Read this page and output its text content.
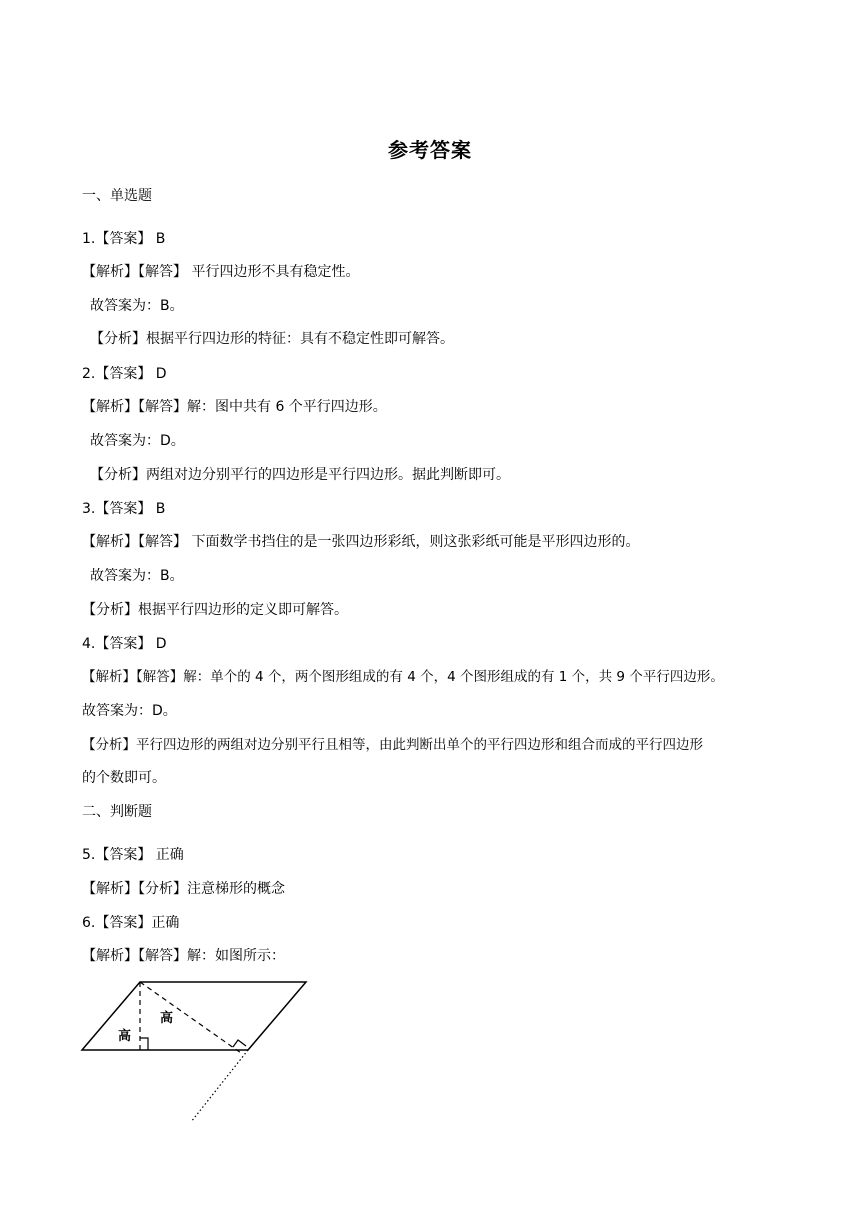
参考答案
一、单选题
1.【答案】 B
【解析】【解答】 平行四边形不具有稳定性。
故答案为：B。
【分析】根据平行四边形的特征：具有不稳定性即可解答。
2.【答案】 D
【解析】【解答】解：图中共有 6 个平行四边形。
故答案为：D。
【分析】两组对边分别平行的四边形是平行四边形。据此判断即可。
3.【答案】 B
【解析】【解答】 下面数学书挡住的是一张四边形彩纸，则这张彩纸可能是平形四边形的。
故答案为：B。
【分析】根据平行四边形的定义即可解答。
4.【答案】 D
【解析】【解答】解：单个的 4 个，两个图形组成的有 4 个，4 个图形组成的有 1 个，共 9 个平行四边形。
故答案为：D。
【分析】平行四边形的两组对边分别平行且相等，由此判断出单个的平行四边形和组合而成的平行四边形
的个数即可。
二、判断题
5.【答案】 正确
【解析】【分析】注意梯形的概念
6.【答案】正确
【解析】【解答】解：如图所示：
高
高
